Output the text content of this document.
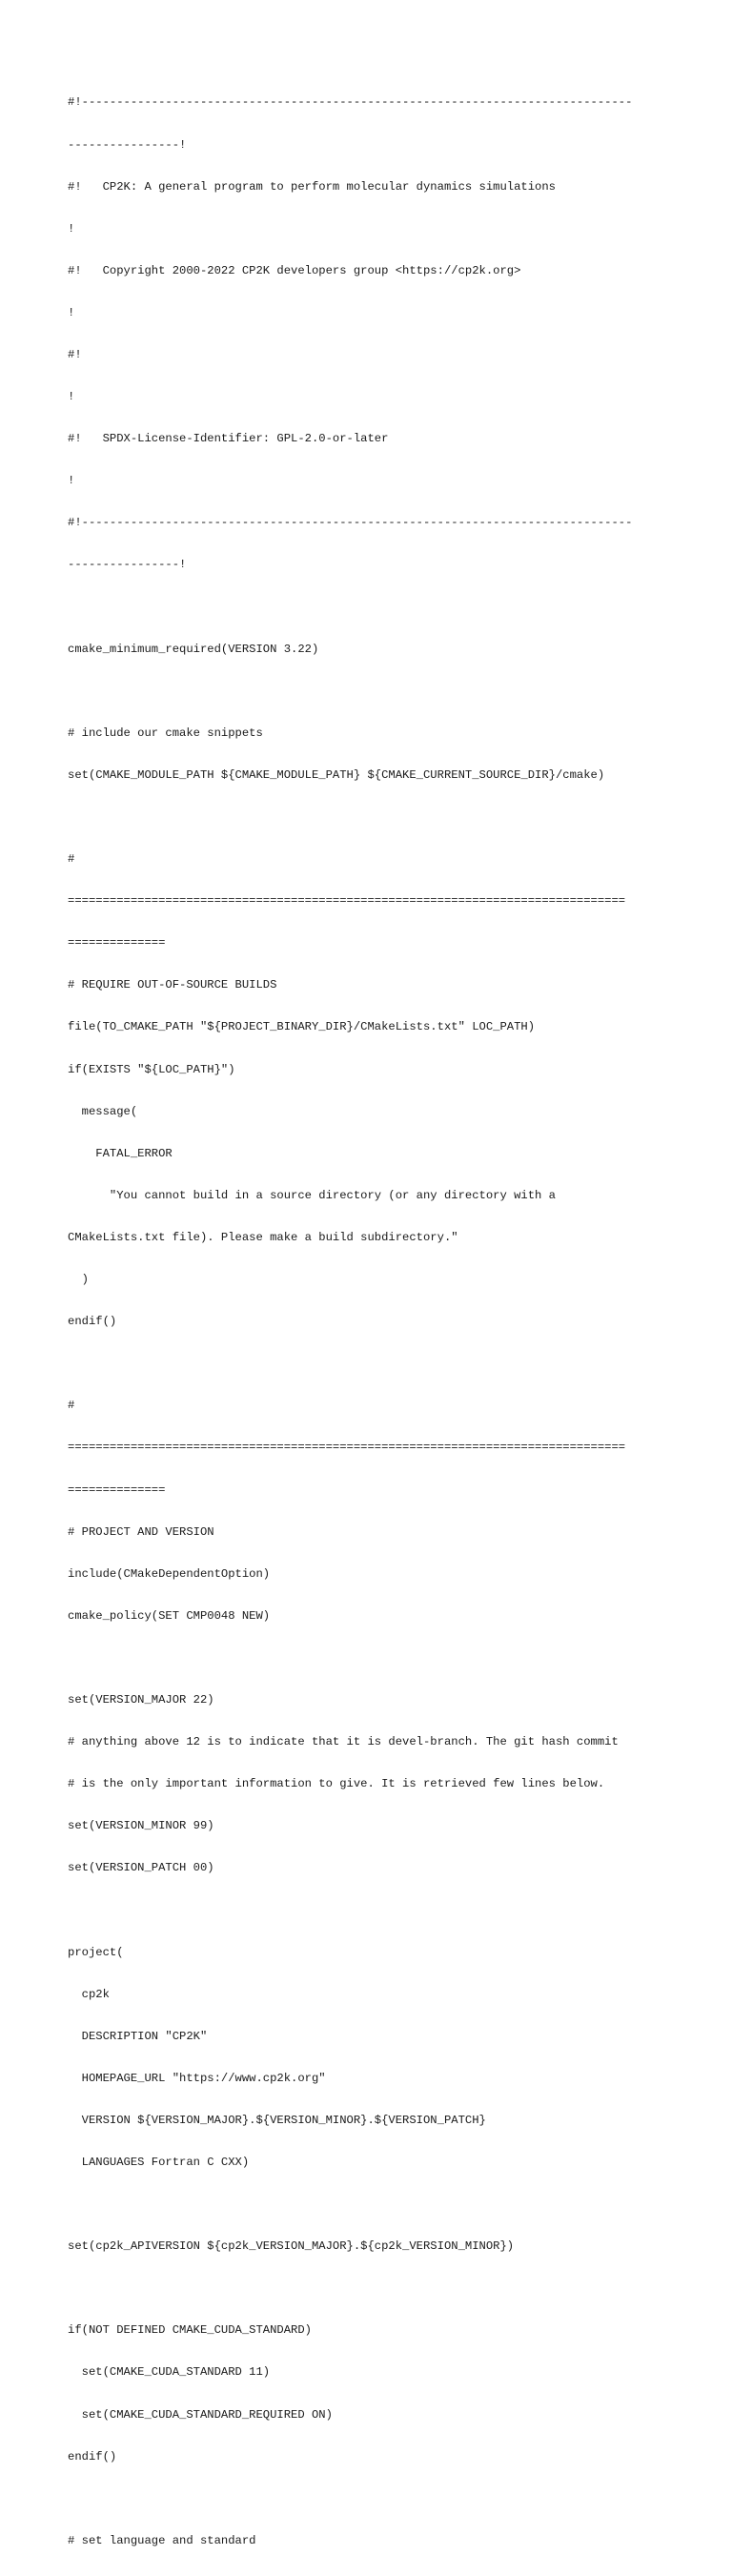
#!-------------------------------------------------------------------------------

----------------!

#!   CP2K: A general program to perform molecular dynamics simulations

!

#!   Copyright 2000-2022 CP2K developers group <https://cp2k.org>

!

#!

!

#!   SPDX-License-Identifier: GPL-2.0-or-later

!

#!-------------------------------------------------------------------------------

----------------!

cmake_minimum_required(VERSION 3.22)

# include our cmake snippets

set(CMAKE_MODULE_PATH ${CMAKE_MODULE_PATH} ${CMAKE_CURRENT_SOURCE_DIR}/cmake)

#

================================================================================

==============

# REQUIRE OUT-OF-SOURCE BUILDS

file(TO_CMAKE_PATH "${PROJECT_BINARY_DIR}/CMakeLists.txt" LOC_PATH)

if(EXISTS "${LOC_PATH}")

message(

FATAL_ERROR

"You cannot build in a source directory (or any directory with a

CMakeLists.txt file). Please make a build subdirectory."

)

endif()

#

================================================================================

==============

# PROJECT AND VERSION

include(CMakeDependentOption)

cmake_policy(SET CMP0048 NEW)

set(VERSION_MAJOR 22)

# anything above 12 is to indicate that it is devel-branch. The git hash commit

# is the only important information to give. It is retrieved few lines below.

set(VERSION_MINOR 99)

set(VERSION_PATCH 00)

project(

cp2k

DESCRIPTION "CP2K"

HOMEPAGE_URL "https://www.cp2k.org"

VERSION ${VERSION_MAJOR}.${VERSION_MINOR}.${VERSION_PATCH}

LANGUAGES Fortran C CXX)

set(cp2k_APIVERSION ${cp2k_VERSION_MAJOR}.${cp2k_VERSION_MINOR})

if(NOT DEFINED CMAKE_CUDA_STANDARD)

set(CMAKE_CUDA_STANDARD 11)

set(CMAKE_CUDA_STANDARD_REQUIRED ON)

endif()

# set language and standard
